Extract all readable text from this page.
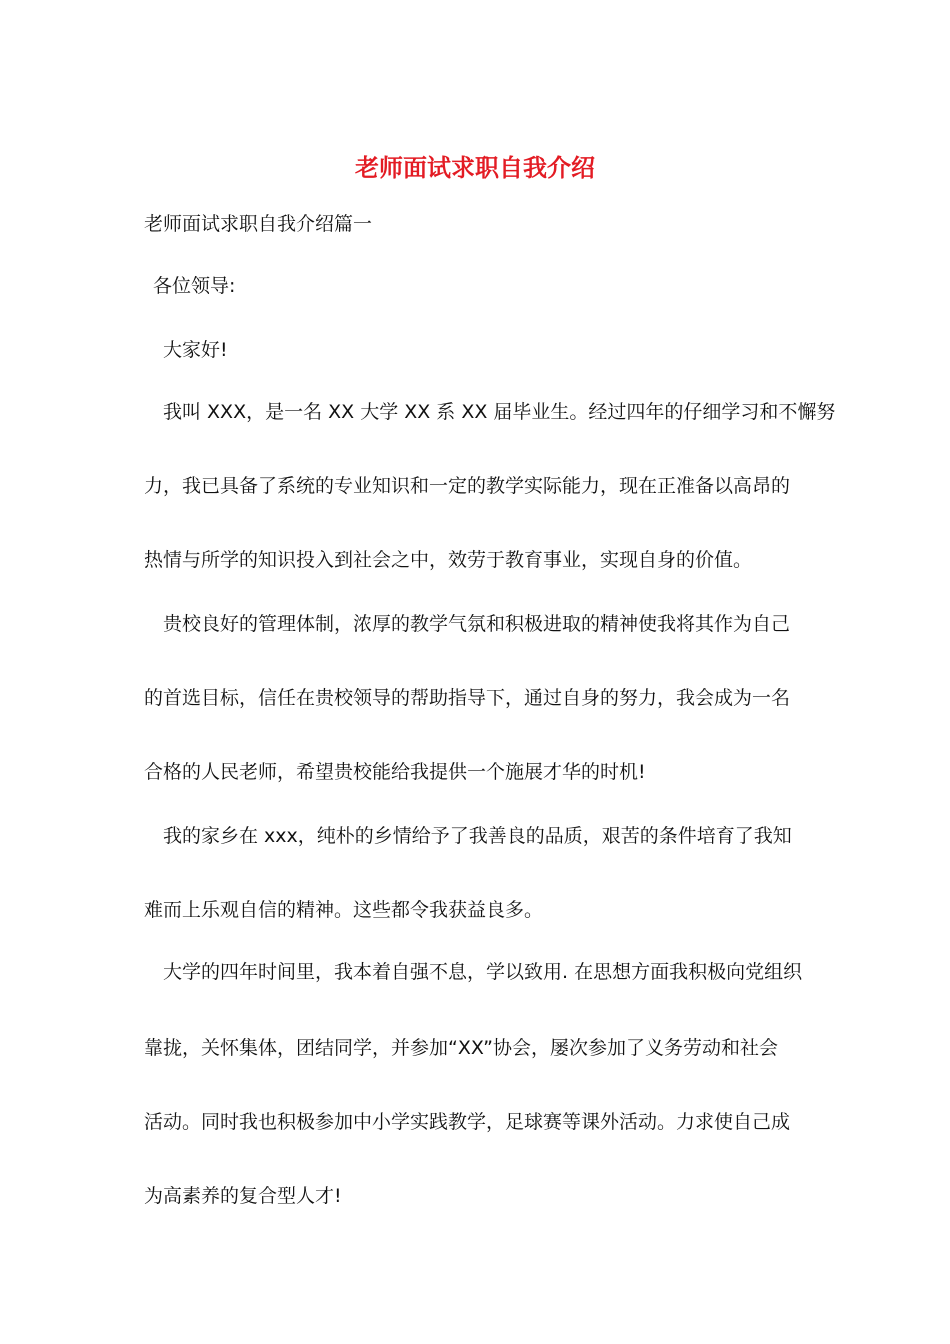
老师面试求职自我介绍
老师面试求职自我介绍篇一
各位领导:
大家好!
我叫 XXX，是一名 XX 大学 XX 系 XX 届毕业生。经过四年的仔细学习和不懈努
力，我已具备了系统的专业知识和一定的教学实际能力，现在正准备以高昂的
热情与所学的知识投入到社会之中，效劳于教育事业，实现自身的价值。
贵校良好的管理体制，浓厚的教学气氛和积极进取的精神使我将其作为自己
的首选目标，信任在贵校领导的帮助指导下，通过自身的努力，我会成为一名
合格的人民老师，希望贵校能给我提供一个施展才华的时机!
我的家乡在 xxx，纯朴的乡情给予了我善良的品质，艰苦的条件培育了我知
难而上乐观自信的精神。这些都令我获益良多。
大学的四年时间里，我本着自强不息，学以致用. 在思想方面我积极向党组织
靠拢，关怀集体，团结同学，并参加“XX”协会，屡次参加了义务劳动和社会
活动。同时我也积极参加中小学实践教学，足球赛等课外活动。力求使自己成
为高素养的复合型人才!
